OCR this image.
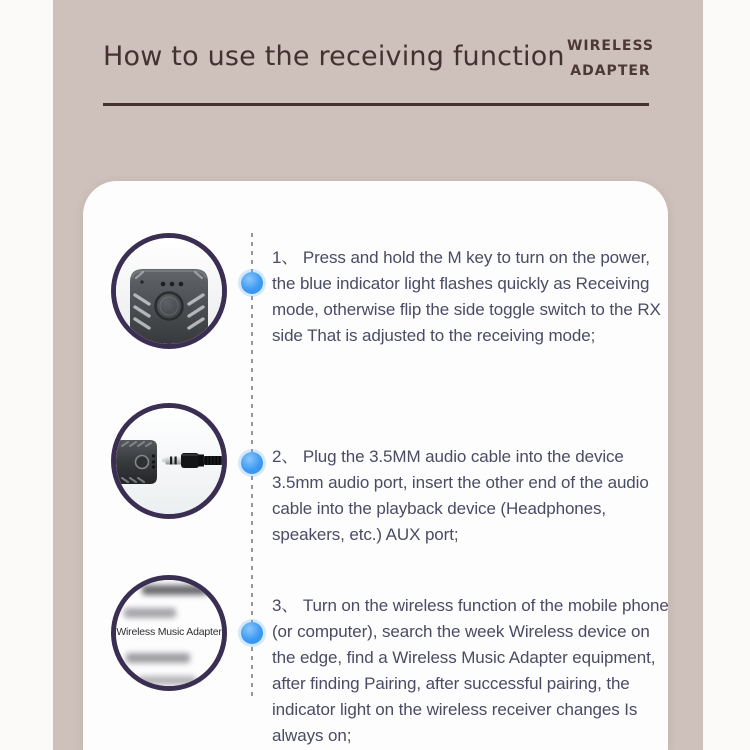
How to use the receiving function WIRELESS
ADAPTER
Wireless Music Adapter

1、 Press and hold the M key to turn on the power, the blue indicator light flashes quickly as Receiving mode, otherwise flip the side toggle switch to the RX side That is adjusted to the receiving mode;

2、 Plug the 3.5MM audio cable into the device 3.5mm audio port, insert the other end of the audio cable into the playback device (Headphones, speakers, etc.) AUX port;

3、 Turn on the wireless function of the mobile phone (or computer), search the week Wireless device on the edge, find a Wireless Music Adapter equipment, after finding Pairing, after successful pairing, the indicator light on the wireless receiver changes Is always on;
